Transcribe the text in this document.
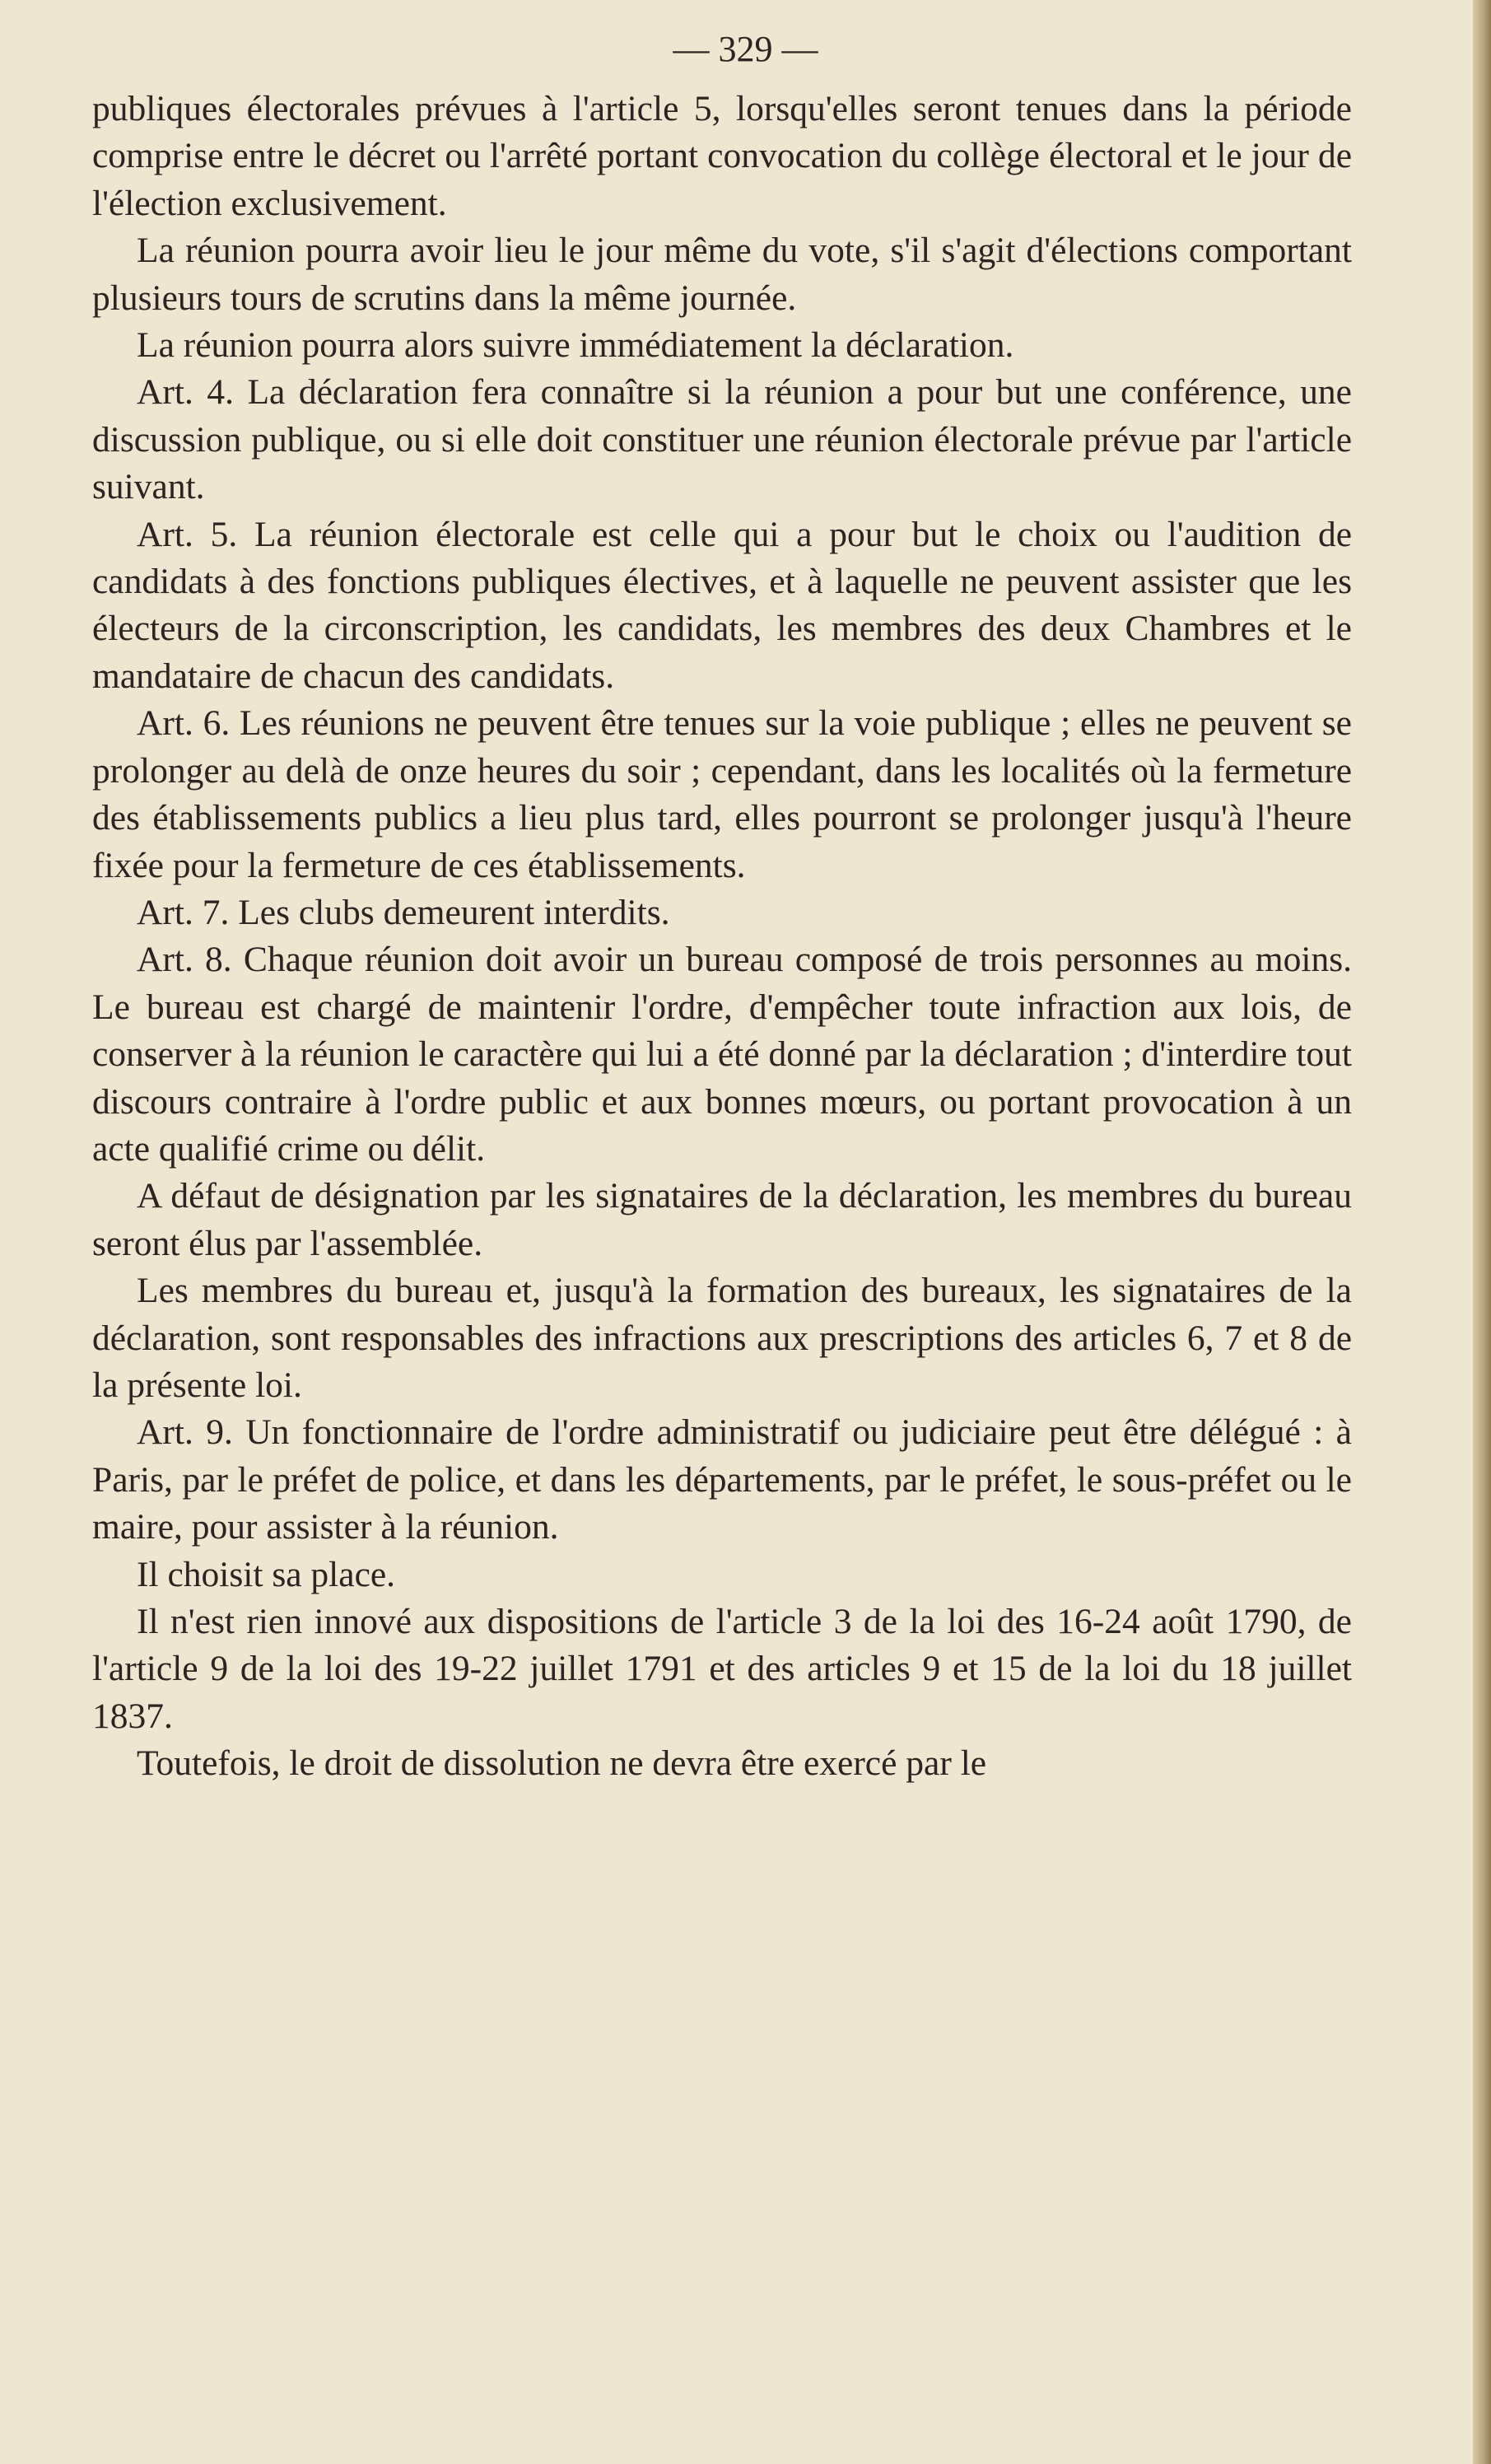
— 329 —

publiques électorales prévues à l'article 5, lorsqu'elles seront tenues dans la période comprise entre le décret ou l'arrêté portant convocation du collège électoral et le jour de l'élection exclusivement.

La réunion pourra avoir lieu le jour même du vote, s'il s'agit d'élections comportant plusieurs tours de scrutins dans la même journée.

La réunion pourra alors suivre immédiatement la déclaration.

Art. 4. La déclaration fera connaître si la réunion a pour but une conférence, une discussion publique, ou si elle doit constituer une réunion électorale prévue par l'article suivant.

Art. 5. La réunion électorale est celle qui a pour but le choix ou l'audition de candidats à des fonctions publiques électives, et à laquelle ne peuvent assister que les électeurs de la circonscription, les candidats, les membres des deux Chambres et le mandataire de chacun des candidats.

Art. 6. Les réunions ne peuvent être tenues sur la voie publique ; elles ne peuvent se prolonger au delà de onze heures du soir ; cependant, dans les localités où la fermeture des établissements publics a lieu plus tard, elles pourront se prolonger jusqu'à l'heure fixée pour la fermeture de ces établissements.

Art. 7. Les clubs demeurent interdits.

Art. 8. Chaque réunion doit avoir un bureau composé de trois personnes au moins. Le bureau est chargé de maintenir l'ordre, d'empêcher toute infraction aux lois, de conserver à la réunion le caractère qui lui a été donné par la déclaration ; d'interdire tout discours contraire à l'ordre public et aux bonnes mœurs, ou portant provocation à un acte qualifié crime ou délit.

A défaut de désignation par les signataires de la déclaration, les membres du bureau seront élus par l'assemblée.

Les membres du bureau et, jusqu'à la formation des bureaux, les signataires de la déclaration, sont responsables des infractions aux prescriptions des articles 6, 7 et 8 de la présente loi.

Art. 9. Un fonctionnaire de l'ordre administratif ou judiciaire peut être délégué : à Paris, par le préfet de police, et dans les départements, par le préfet, le sous-préfet ou le maire, pour assister à la réunion.

Il choisit sa place.

Il n'est rien innové aux dispositions de l'article 3 de la loi des 16-24 août 1790, de l'article 9 de la loi des 19-22 juillet 1791 et des articles 9 et 15 de la loi du 18 juillet 1837.

Toutefois, le droit de dissolution ne devra être exercé par le
